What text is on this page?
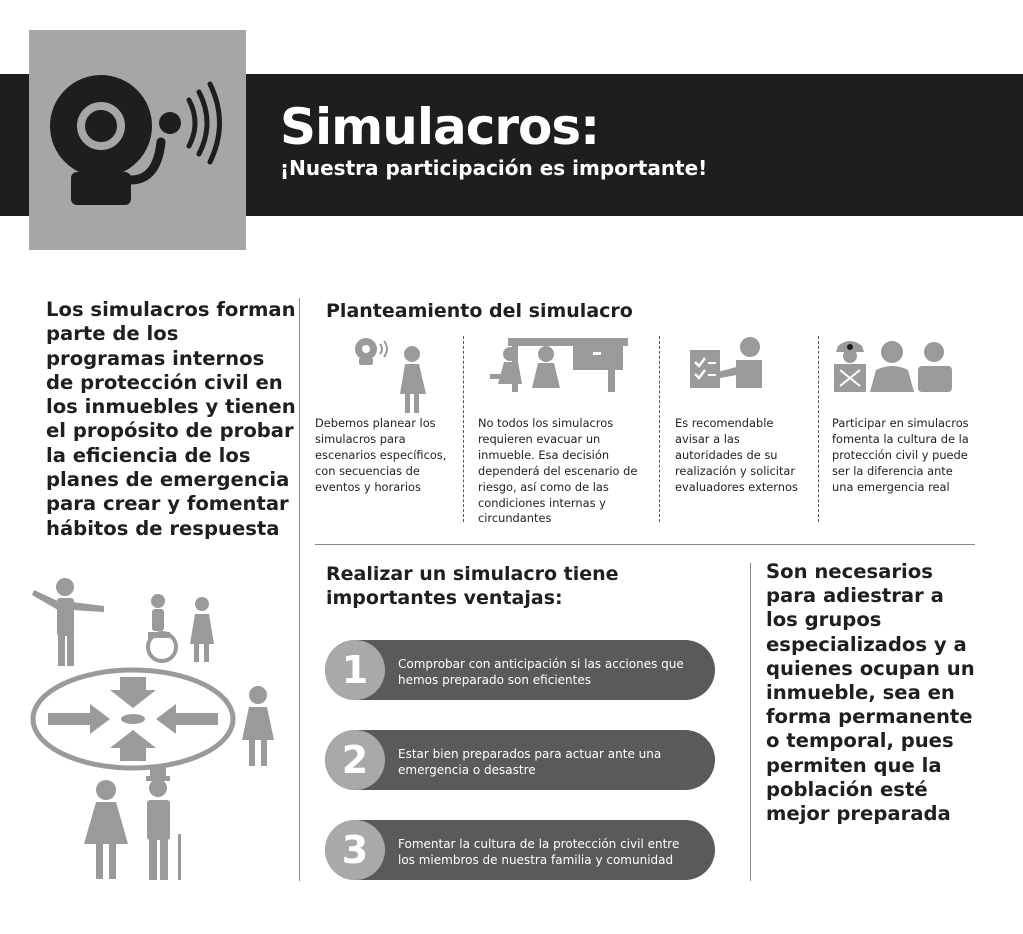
Simulacros:

¡Nuestra participación es importante!

Los simulacros forman parte de los programas internos de protección civil en los inmuebles y tienen el propósito de probar la eficiencia de los planes de emergencia para crear y fomentar hábitos de respuesta

Planteamiento del simulacro

Debemos planear los simulacros para escenarios específicos, con secuencias de eventos y horarios

No todos los simulacros requieren evacuar un inmueble. Esa decisión dependerá del escenario de riesgo, así como de las condiciones internas y circundantes

Es recomendable avisar a las autoridades de su realización y solicitar evaluadores externos

Participar en simulacros fomenta la cultura de la protección civil y puede ser la diferencia ante una emergencia real

Realizar un simulacro tiene importantes ventajas:
1	Comprobar con anticipación si las acciones que hemos preparado son eficientes

2	Estar bien preparados para actuar ante una emergencia o desastre

3	Fomentar la cultura de la protección civil entre los miembros de nuestra familia y comunidad

Son necesarios para adiestrar a los grupos especializados y a quienes ocupan un inmueble, sea en forma permanente o temporal, pues permiten que la población esté mejor preparada
